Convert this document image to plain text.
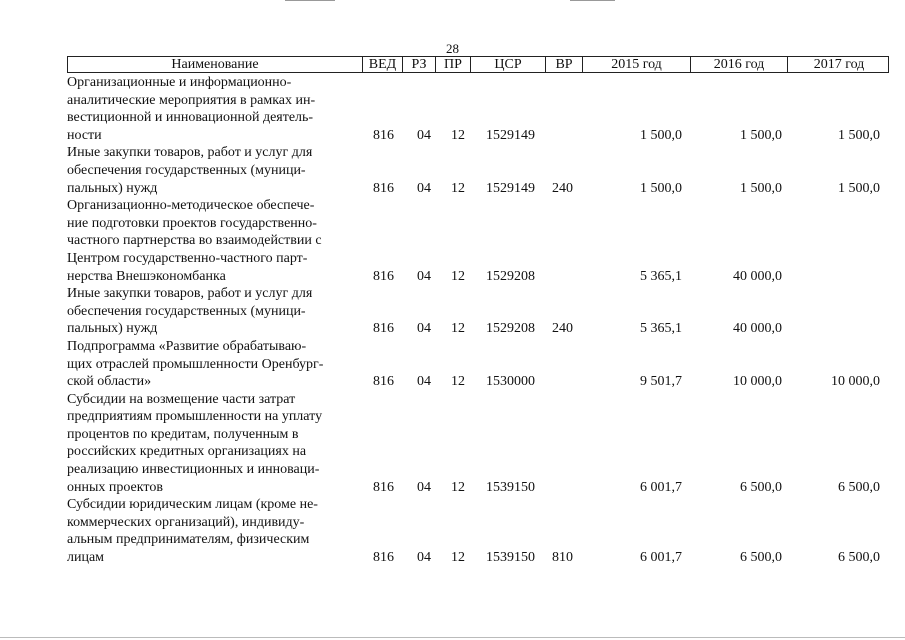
28
Наименование	ВЕД	РЗ	ПР	ЦСР	ВР	2015 год	2016 год	2017 год
Организационные и информационно-
аналитические мероприятия в рамках ин-
вестиционной и инновационной деятель-
ности	816 04 12 1529149	1 500,0	1 500,0	1 500,0
Иные закупки товаров, работ и услуг для
обеспечения государственных (муници-
пальных) нужд	816 04 12 1529149 240	1 500,0	1 500,0	1 500,0
Организационно-методическое обеспече-
ние подготовки проектов государственно-
частного партнерства во взаимодействии с
Центром государственно-частного парт-
нерства Внешэкономбанка	816 04 12 1529208	5 365,1	40 000,0
Иные закупки товаров, работ и услуг для
обеспечения государственных (муници-
пальных) нужд	816 04 12 1529208 240	5 365,1	40 000,0
Подпрограмма «Развитие обрабатываю-
щих отраслей промышленности Оренбург-
ской области»	816 04 12 1530000	9 501,7	10 000,0	10 000,0
Субсидии на возмещение части затрат
предприятиям промышленности на уплату
процентов по кредитам, полученным в
российских кредитных организациях на
реализацию инвестиционных и инноваци-
онных проектов	816 04 12 1539150	6 001,7	6 500,0	6 500,0
Субсидии юридическим лицам (кроме не-
коммерческих организаций), индивиду-
альным предпринимателям, физическим
лицам	816 04 12 1539150 810	6 001,7	6 500,0	6 500,0
